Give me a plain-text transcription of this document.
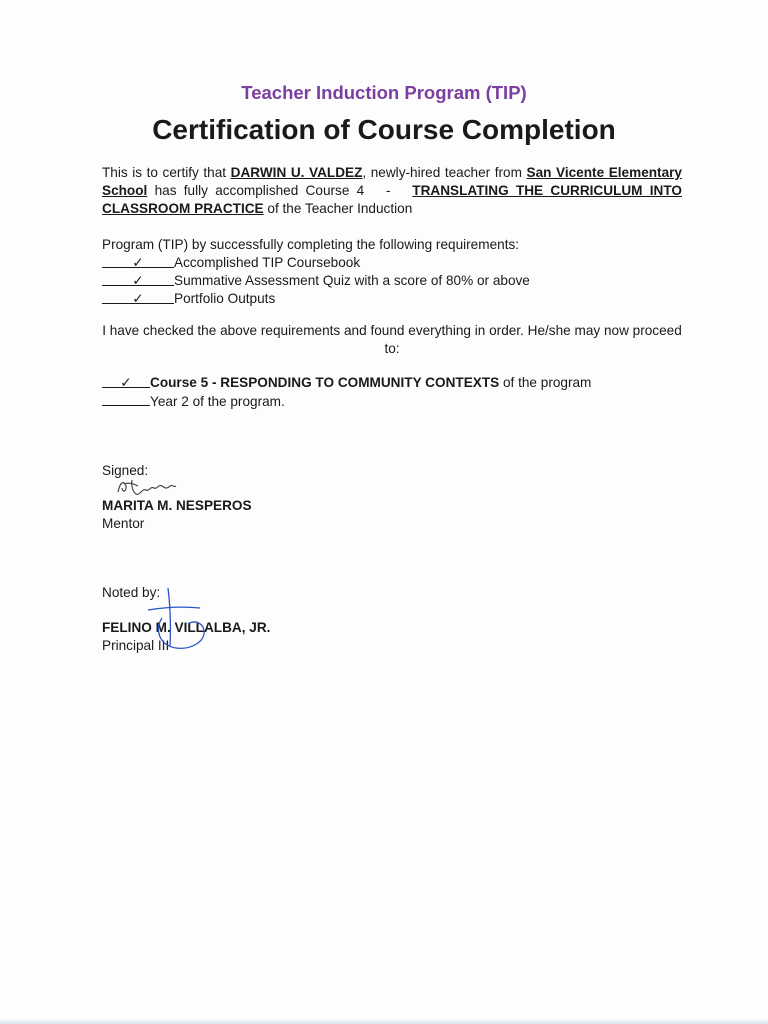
Teacher Induction Program (TIP)
Certification of Course Completion
This is to certify that DARWIN U. VALDEZ, newly-hired teacher from San Vicente Elementary School has fully accomplished Course 4   -   TRANSLATING THE CURRICULUM INTO CLASSROOM PRACTICE of the Teacher Induction
Program (TIP) by successfully completing the following requirements:
✓ Accomplished TIP Coursebook
✓ Summative Assessment Quiz with a score of 80% or above
✓ Portfolio Outputs
I have checked the above requirements and found everything in order. He/she may now proceed to:
✓ Course 5 - RESPONDING TO COMMUNITY CONTEXTS of the program
Year 2 of the program.
Signed:
MARITA M. NESPEROS
Mentor
Noted by:
FELINO M. VILLALBA, JR.
Principal III
